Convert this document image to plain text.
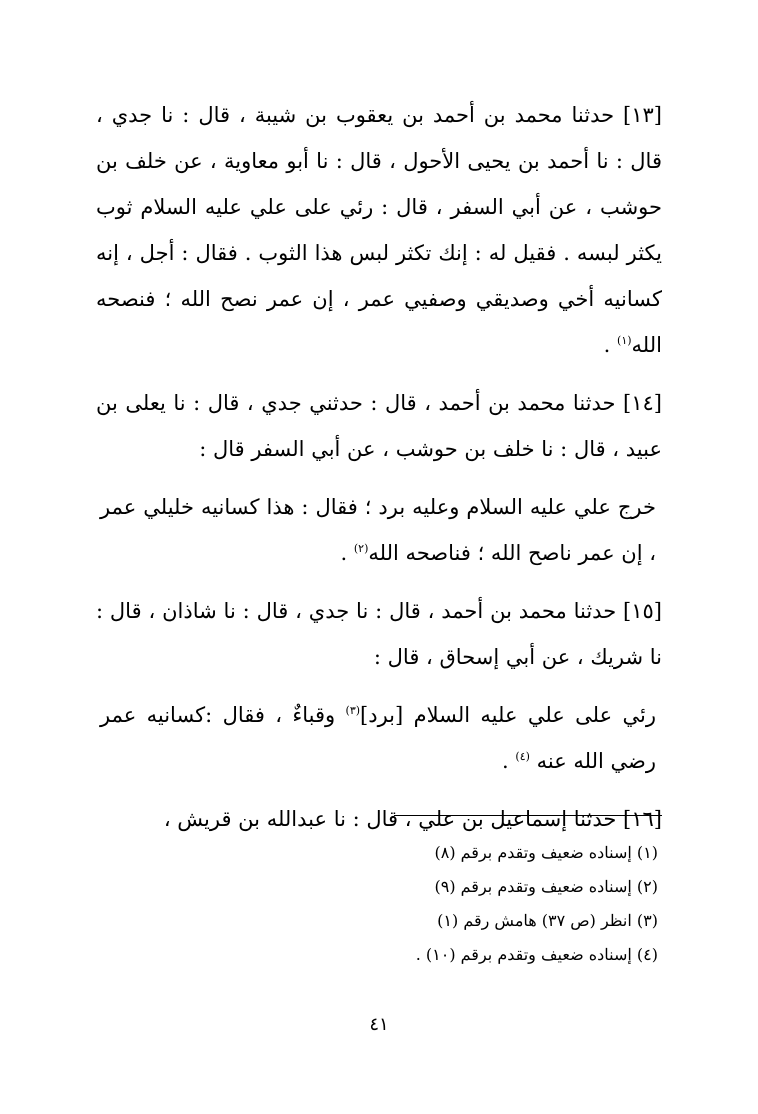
[١٣] حدثنا محمد بن أحمد بن يعقوب بن شيبة ، قال : نا جدي ، قال : نا أحمد بن يحيى الأحول ، قال : نا أبو معاوية ، عن خلف بن حوشب ، عن أبي السفر ، قال : رئي على علي عليه السلام ثوب يكثر لبسه . فقيل له : إنك تكثر لبس هذا الثوب . فقال : أجل ، إنه كسانيه أخي وصديقي وصفيي عمر ، إن عمر نصح الله ؛ فنصحه الله$^{(١)}$ .

[١٤] حدثنا محمد بن أحمد ، قال : حدثني جدي ، قال : نا يعلى بن عبيد ، قال : نا خلف بن حوشب ، عن أبي السفر قال :

خرج علي عليه السلام وعليه برد ؛ فقال : هذا كسانيه خليلي عمر ، إن عمر ناصح الله ؛ فناصحه الله$^{(٢)}$ .

[١٥] حدثنا محمد بن أحمد ، قال : نا جدي ، قال : نا شاذان ، قال : نا شريك ، عن أبي إسحاق ، قال :

رئي على علي عليه السلام [برد]$^{(٣)}$ وقباءٌ ، فقال :كسانيه عمر رضي الله عنه $^{(٤)}$ .

[١٦] حدثنا إسماعيل بن علي ، قال : نا عبدالله بن قريش ،

(١) إسناده ضعيف وتقدم برقم (٨)
(٢) إسناده ضعيف وتقدم برقم (٩)
(٣) انظر (ص ٣٧) هامش رقم (١)
(٤) إسناده ضعيف وتقدم برقم (١٠) .
٤١
